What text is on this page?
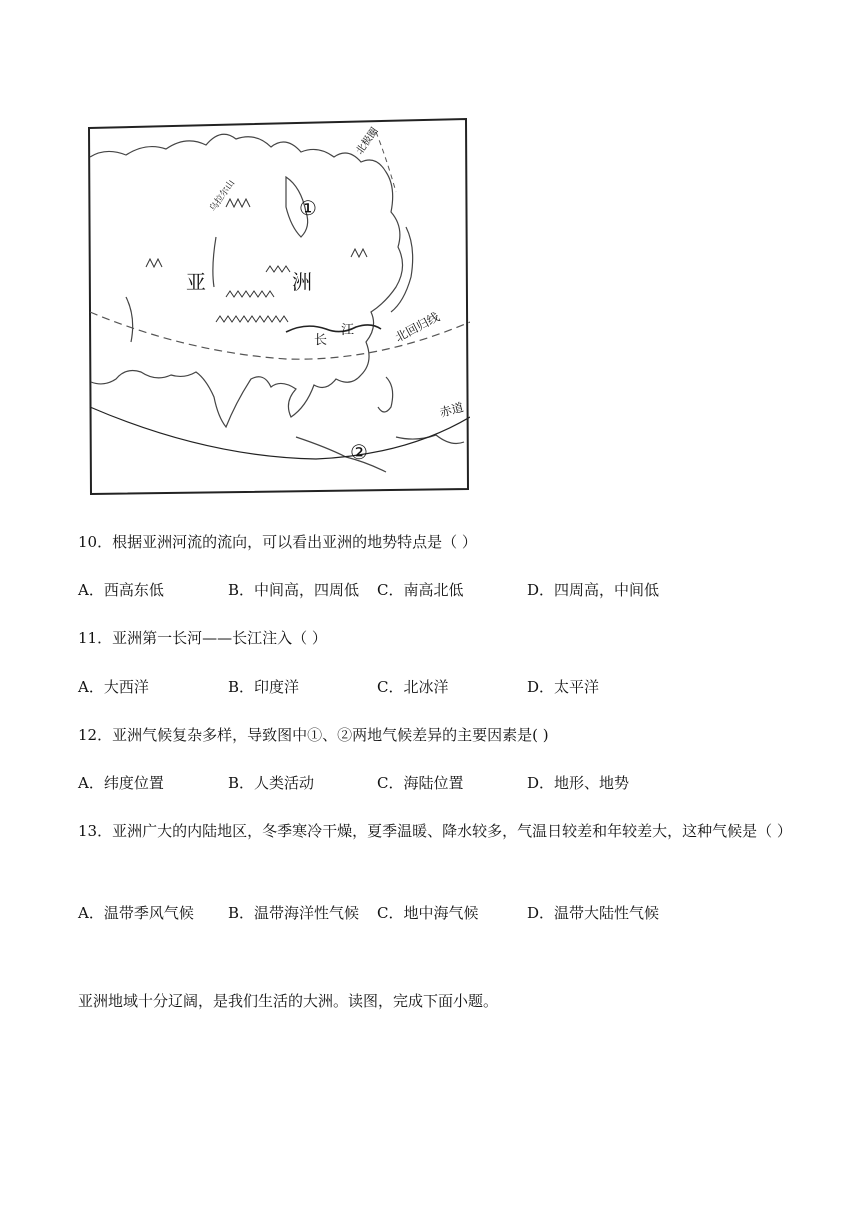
亚	洲
①
②
长
江	北回归线
赤道
北极圈
乌拉尔山
10．根据亚洲河流的流向，可以看出亚洲的地势特点是（ ）
A．西高东低	B．中间高，四周低 C．南高北低	D．四周高，中间低
11．亚洲第一长河——长江注入（ ）
A．大西洋	B．印度洋	C．北冰洋	D．太平洋
12．亚洲气候复杂多样，导致图中①、②两地气候差异的主要因素是( )
A．纬度位置	B．人类活动	C．海陆位置	D．地形、地势
13．亚洲广大的内陆地区，冬季寒冷干燥，夏季温暖、降水较多，气温日较差和年较差大，这种气候是（ ）
A．温带季风气候 B．温带海洋性气候 C．地中海气候	D．温带大陆性气候
亚洲地域十分辽阔，是我们生活的大洲。读图，完成下面小题。
